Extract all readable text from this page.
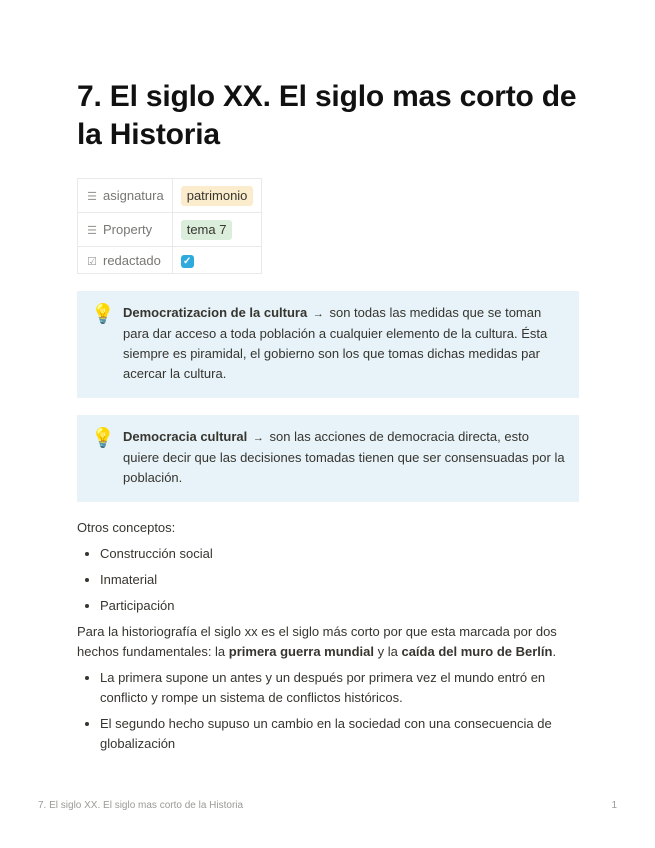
7. El siglo XX. El siglo mas corto de la Historia
☰ asignatura	patrimonio
☰ Property	tema 7
☑ redactado	✓
💡 Democratizacion de la cultura → son todas las medidas que se toman para dar acceso a toda población a cualquier elemento de la cultura. Ésta siempre es piramidal, el gobierno son los que tomas dichas medidas par acercar la cultura.
💡 Democracia cultural → son las acciones de democracia directa, esto quiere decir que las decisiones tomadas tienen que ser consensuadas por la población.

Otros conceptos:

• Construcción social
• Inmaterial
• Participación

Para la historiografía el siglo xx es el siglo más corto por que esta marcada por dos hechos fundamentales: la primera guerra mundial y la caída del muro de Berlín.

• La primera supone un antes y un después por primera vez el mundo entró en conflicto y rompe un sistema de conflictos históricos.
• El segundo hecho supuso un cambio en la sociedad con una consecuencia de globalización
7. El siglo XX. El siglo mas corto de la Historia	1
